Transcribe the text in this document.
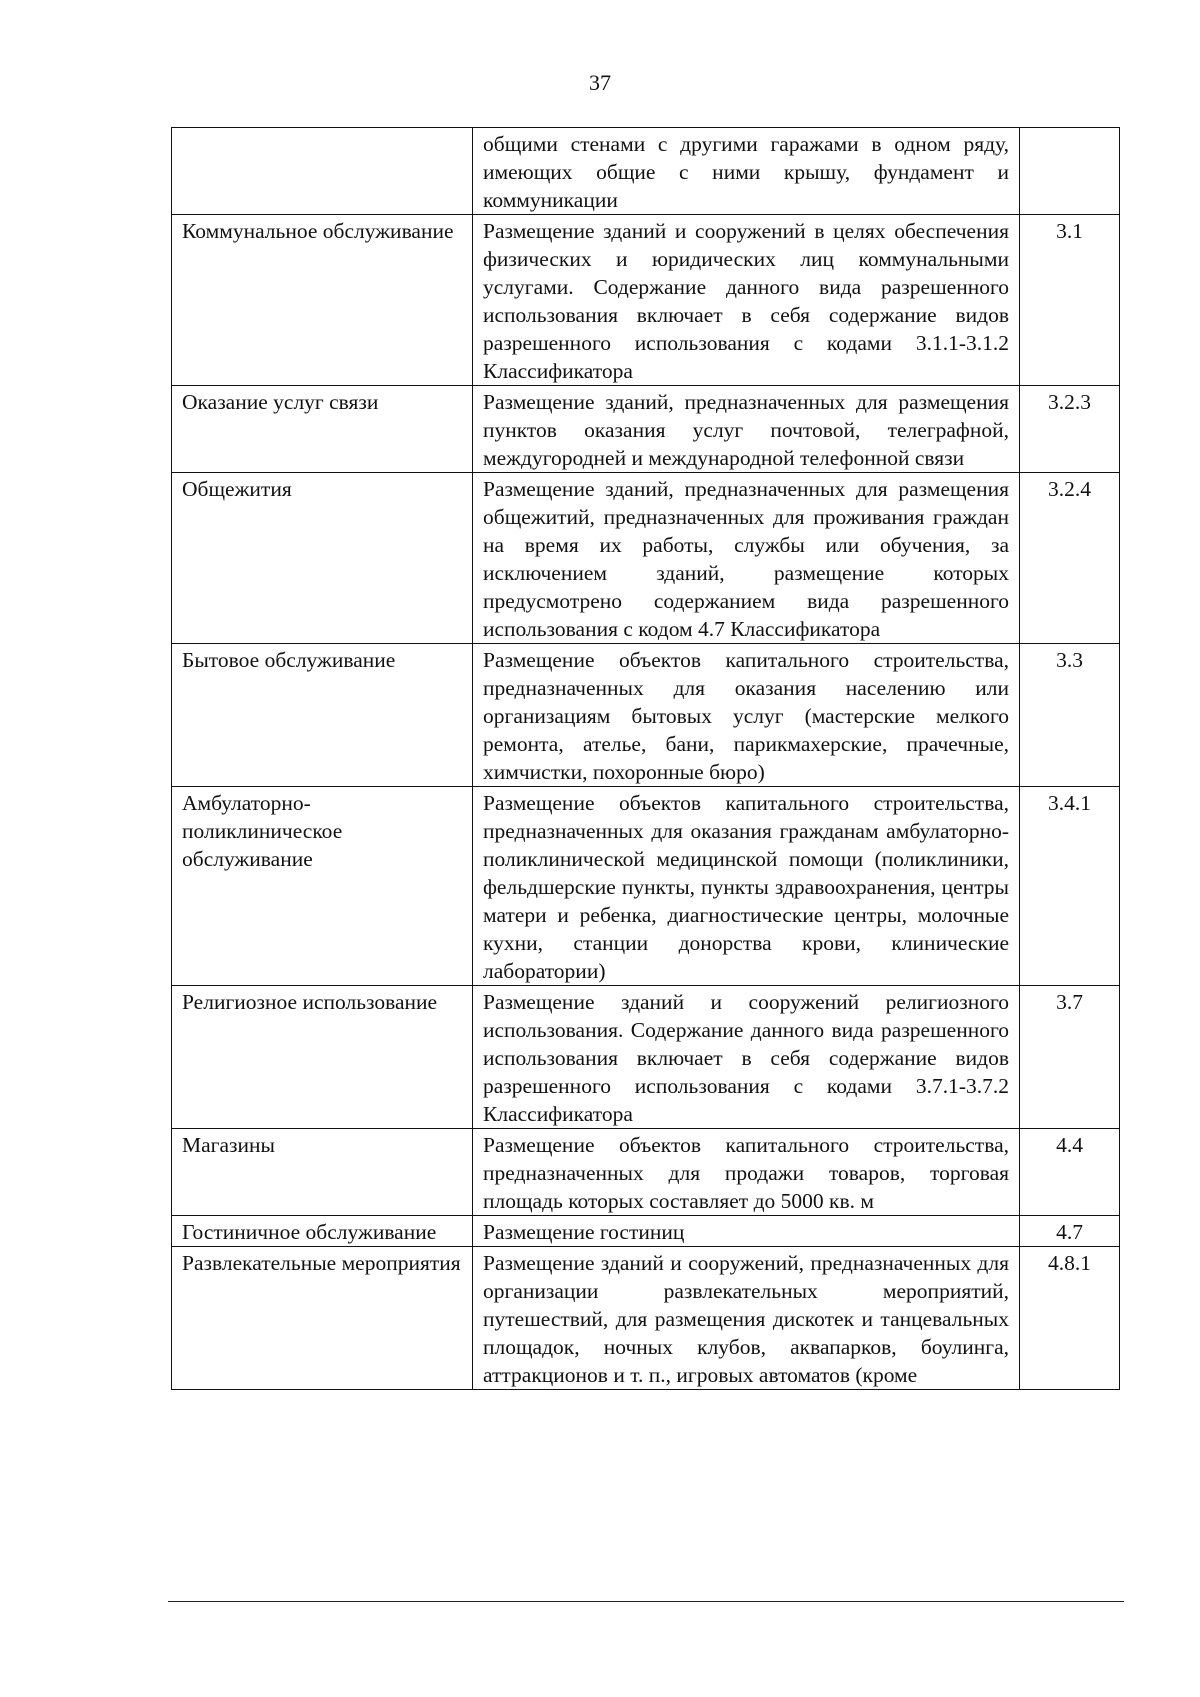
37
	общими стенами с другими гаражами в одном ряду, имеющих общие с ними крышу, фундамент и коммуникации	
Коммунальное обслуживание	Размещение зданий и сооружений в целях обеспечения физических и юридических лиц коммунальными услугами. Содержание данного вида разрешенного использования включает в себя содержание видов разрешенного использования с кодами 3.1.1-3.1.2 Классификатора	3.1
Оказание услуг связи	Размещение зданий, предназначенных для размещения пунктов оказания услуг почтовой, телеграфной, междугородней и международной телефонной связи	3.2.3
Общежития	Размещение зданий, предназначенных для размещения общежитий, предназначенных для проживания граждан на время их работы, службы или обучения, за исключением зданий, размещение которых предусмотрено содержанием вида разрешенного использования с кодом 4.7 Классификатора	3.2.4
Бытовое обслуживание	Размещение объектов капитального строительства, предназначенных для оказания населению или организациям бытовых услуг (мастерские мелкого ремонта, ателье, бани, парикмахерские, прачечные, химчистки, похоронные бюро)	3.3
Амбулаторно-поликлиническое обслуживание	Размещение объектов капитального строительства, предназначенных для оказания гражданам амбулаторно-поликлинической медицинской помощи (поликлиники, фельдшерские пункты, пункты здравоохранения, центры матери и ребенка, диагностические центры, молочные кухни, станции донорства крови, клинические лаборатории)	3.4.1
Религиозное использование	Размещение зданий и сооружений религиозного использования. Содержание данного вида разрешенного использования включает в себя содержание видов разрешенного использования с кодами 3.7.1-3.7.2 Классификатора	3.7
Магазины	Размещение объектов капитального строительства, предназначенных для продажи товаров, торговая площадь которых составляет до 5000 кв. м	4.4
Гостиничное обслуживание	Размещение гостиниц	4.7
Развлекательные мероприятия	Размещение зданий и сооружений, предназначенных для организации развлекательных мероприятий, путешествий, для размещения дискотек и танцевальных площадок, ночных клубов, аквапарков, боулинга, аттракционов и т. п., игровых автоматов (кроме	4.8.1
